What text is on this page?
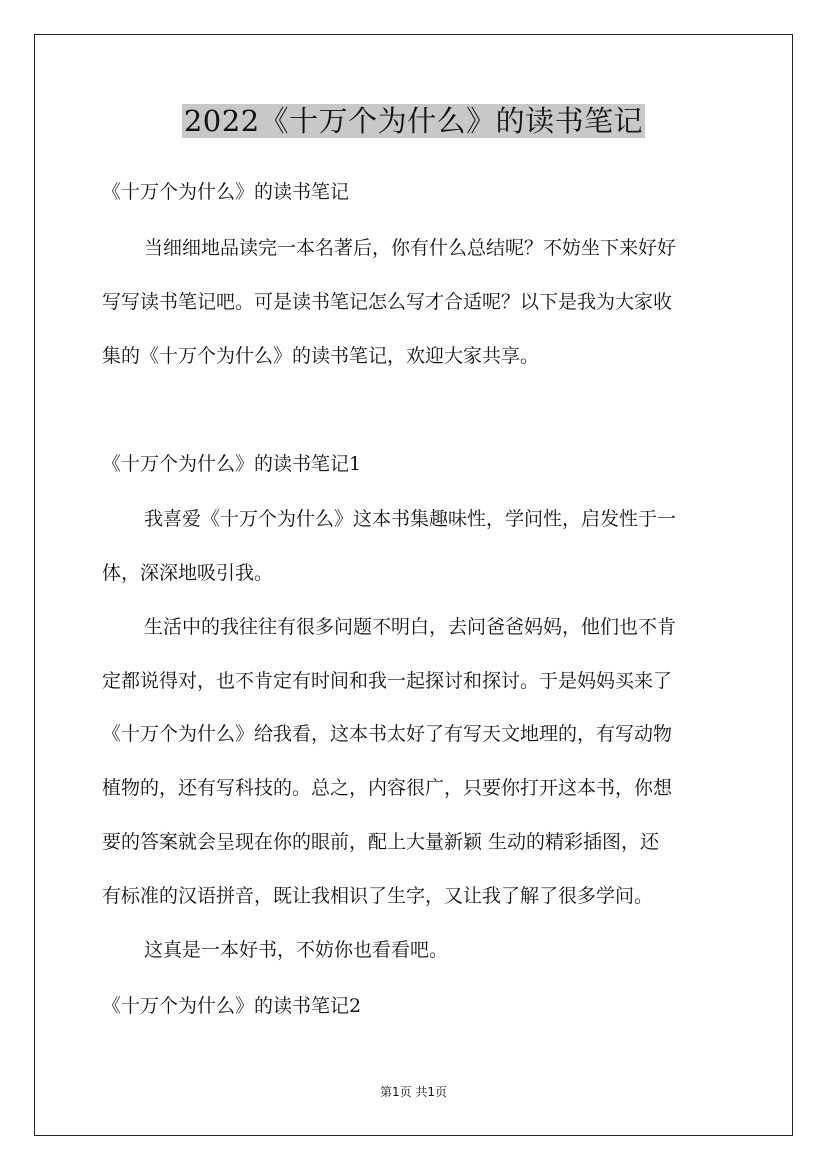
2022《十万个为什么》的读书笔记
《十万个为什么》的读书笔记
当细细地品读完一本名著后，你有什么总结呢？不妨坐下来好好
写写读书笔记吧。可是读书笔记怎么写才合适呢？以下是我为大家收
集的《十万个为什么》的读书笔记，欢迎大家共享。
《十万个为什么》的读书笔记1
我喜爱《十万个为什么》这本书集趣味性，学问性，启发性于一
体，深深地吸引我。
生活中的我往往有很多问题不明白，去问爸爸妈妈，他们也不肯
定都说得对，也不肯定有时间和我一起探讨和探讨。于是妈妈买来了
《十万个为什么》给我看，这本书太好了有写天文地理的，有写动物
植物的，还有写科技的。总之，内容很广，只要你打开这本书，你想
要的答案就会呈现在你的眼前，配上大量新颖 生动的精彩插图，还
有标准的汉语拼音，既让我相识了生字，又让我了解了很多学问。
这真是一本好书，不妨你也看看吧。
《十万个为什么》的读书笔记2
第1页 共1页
